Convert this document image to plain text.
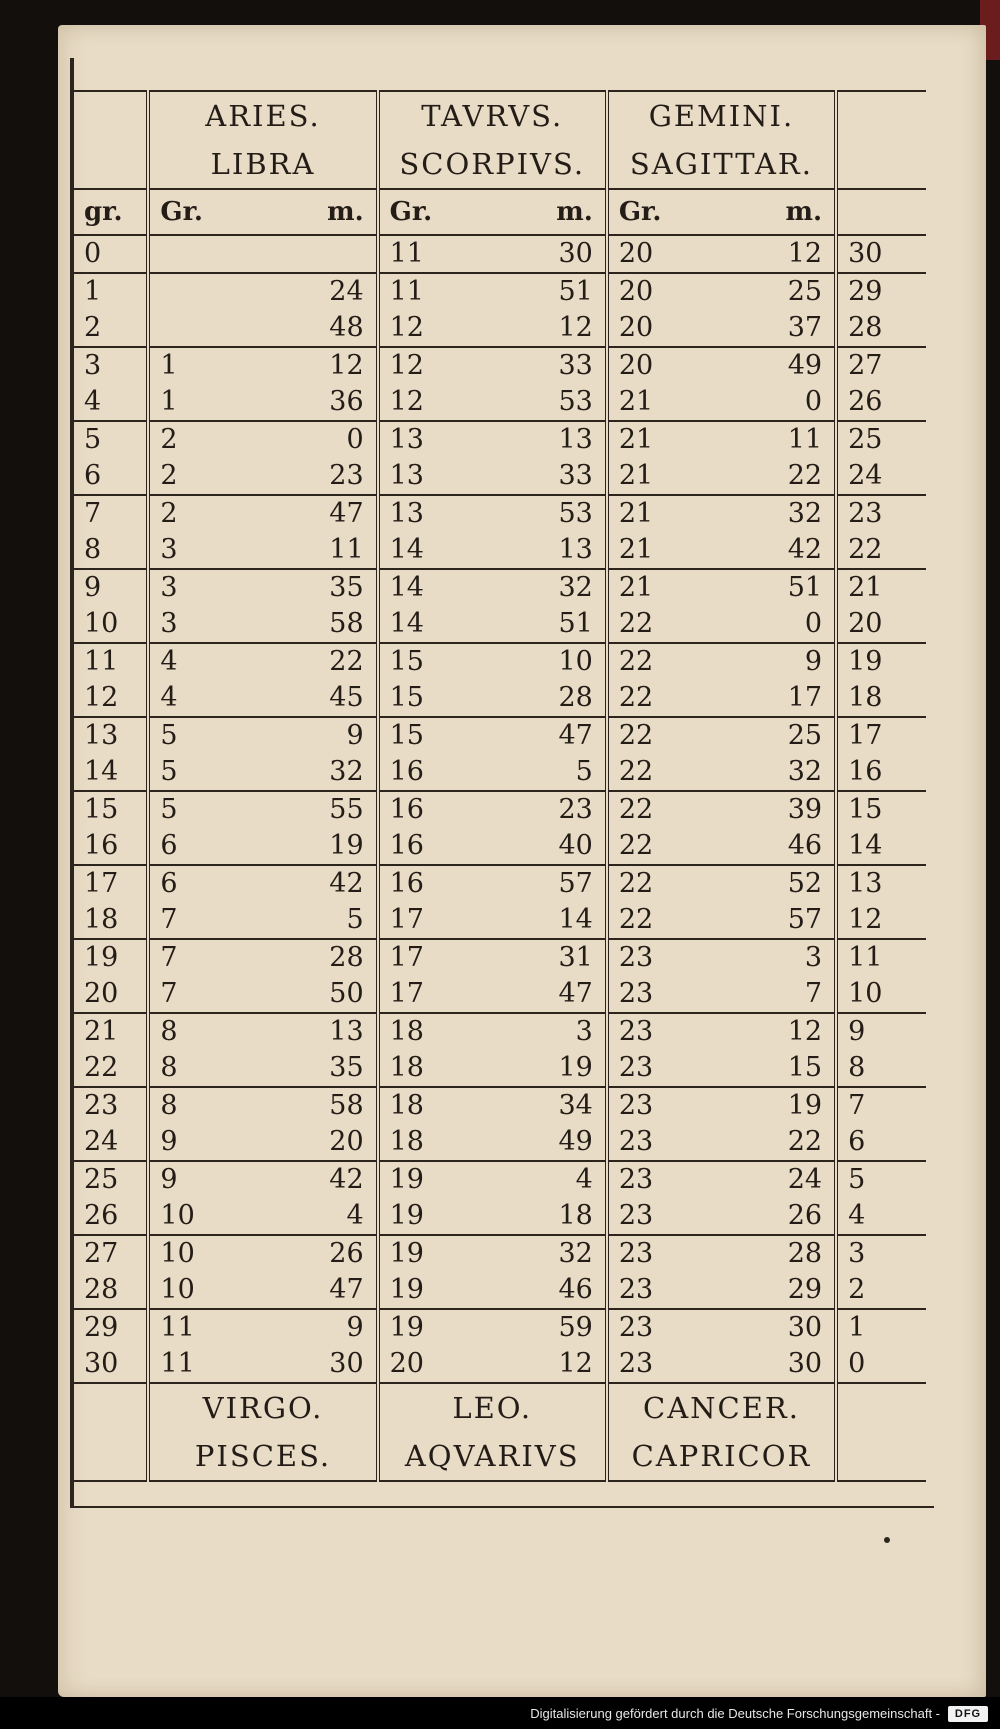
	ARIES.		TAVRVS.		GEMINI.		
	LIBRA		SCORPIVS.		SAGITTAR.		
gr.	Gr.	m.	Gr.	m.	Gr.	m.	
0			11	30	20	12	30
1		24	11	51	20	25	29
2		48	12	12	20	37	28
3	1	12	12	33	20	49	27
4	1	36	12	53	21	0	26
5	2	0	13	13	21	11	25
6	2	23	13	33	21	22	24
7	2	47	13	53	21	32	23
8	3	11	14	13	21	42	22
9	3	35	14	32	21	51	21
10	3	58	14	51	22	0	20
11	4	22	15	10	22	9	19
12	4	45	15	28	22	17	18
13	5	9	15	47	22	25	17
14	5	32	16	5	22	32	16
15	5	55	16	23	22	39	15
16	6	19	16	40	22	46	14
17	6	42	16	57	22	52	13
18	7	5	17	14	22	57	12
19	7	28	17	31	23	3	11
20	7	50	17	47	23	7	10
21	8	13	18	3	23	12	9
22	8	35	18	19	23	15	8
23	8	58	18	34	23	19	7
24	9	20	18	49	23	22	6
25	9	42	19	4	23	24	5
26	10	4	19	18	23	26	4
27	10	26	19	32	23	28	3
28	10	47	19	46	23	29	2
29	11	9	19	59	23	30	1
30	11	30	20	12	23	30	0
	VIRGO.		LEO.		CANCER.		
	PISCES.		AQVARIVS		CAPRICOR		
Digitalisierung gefördert durch die Deutsche Forschungsgemeinschaft -	DFG
